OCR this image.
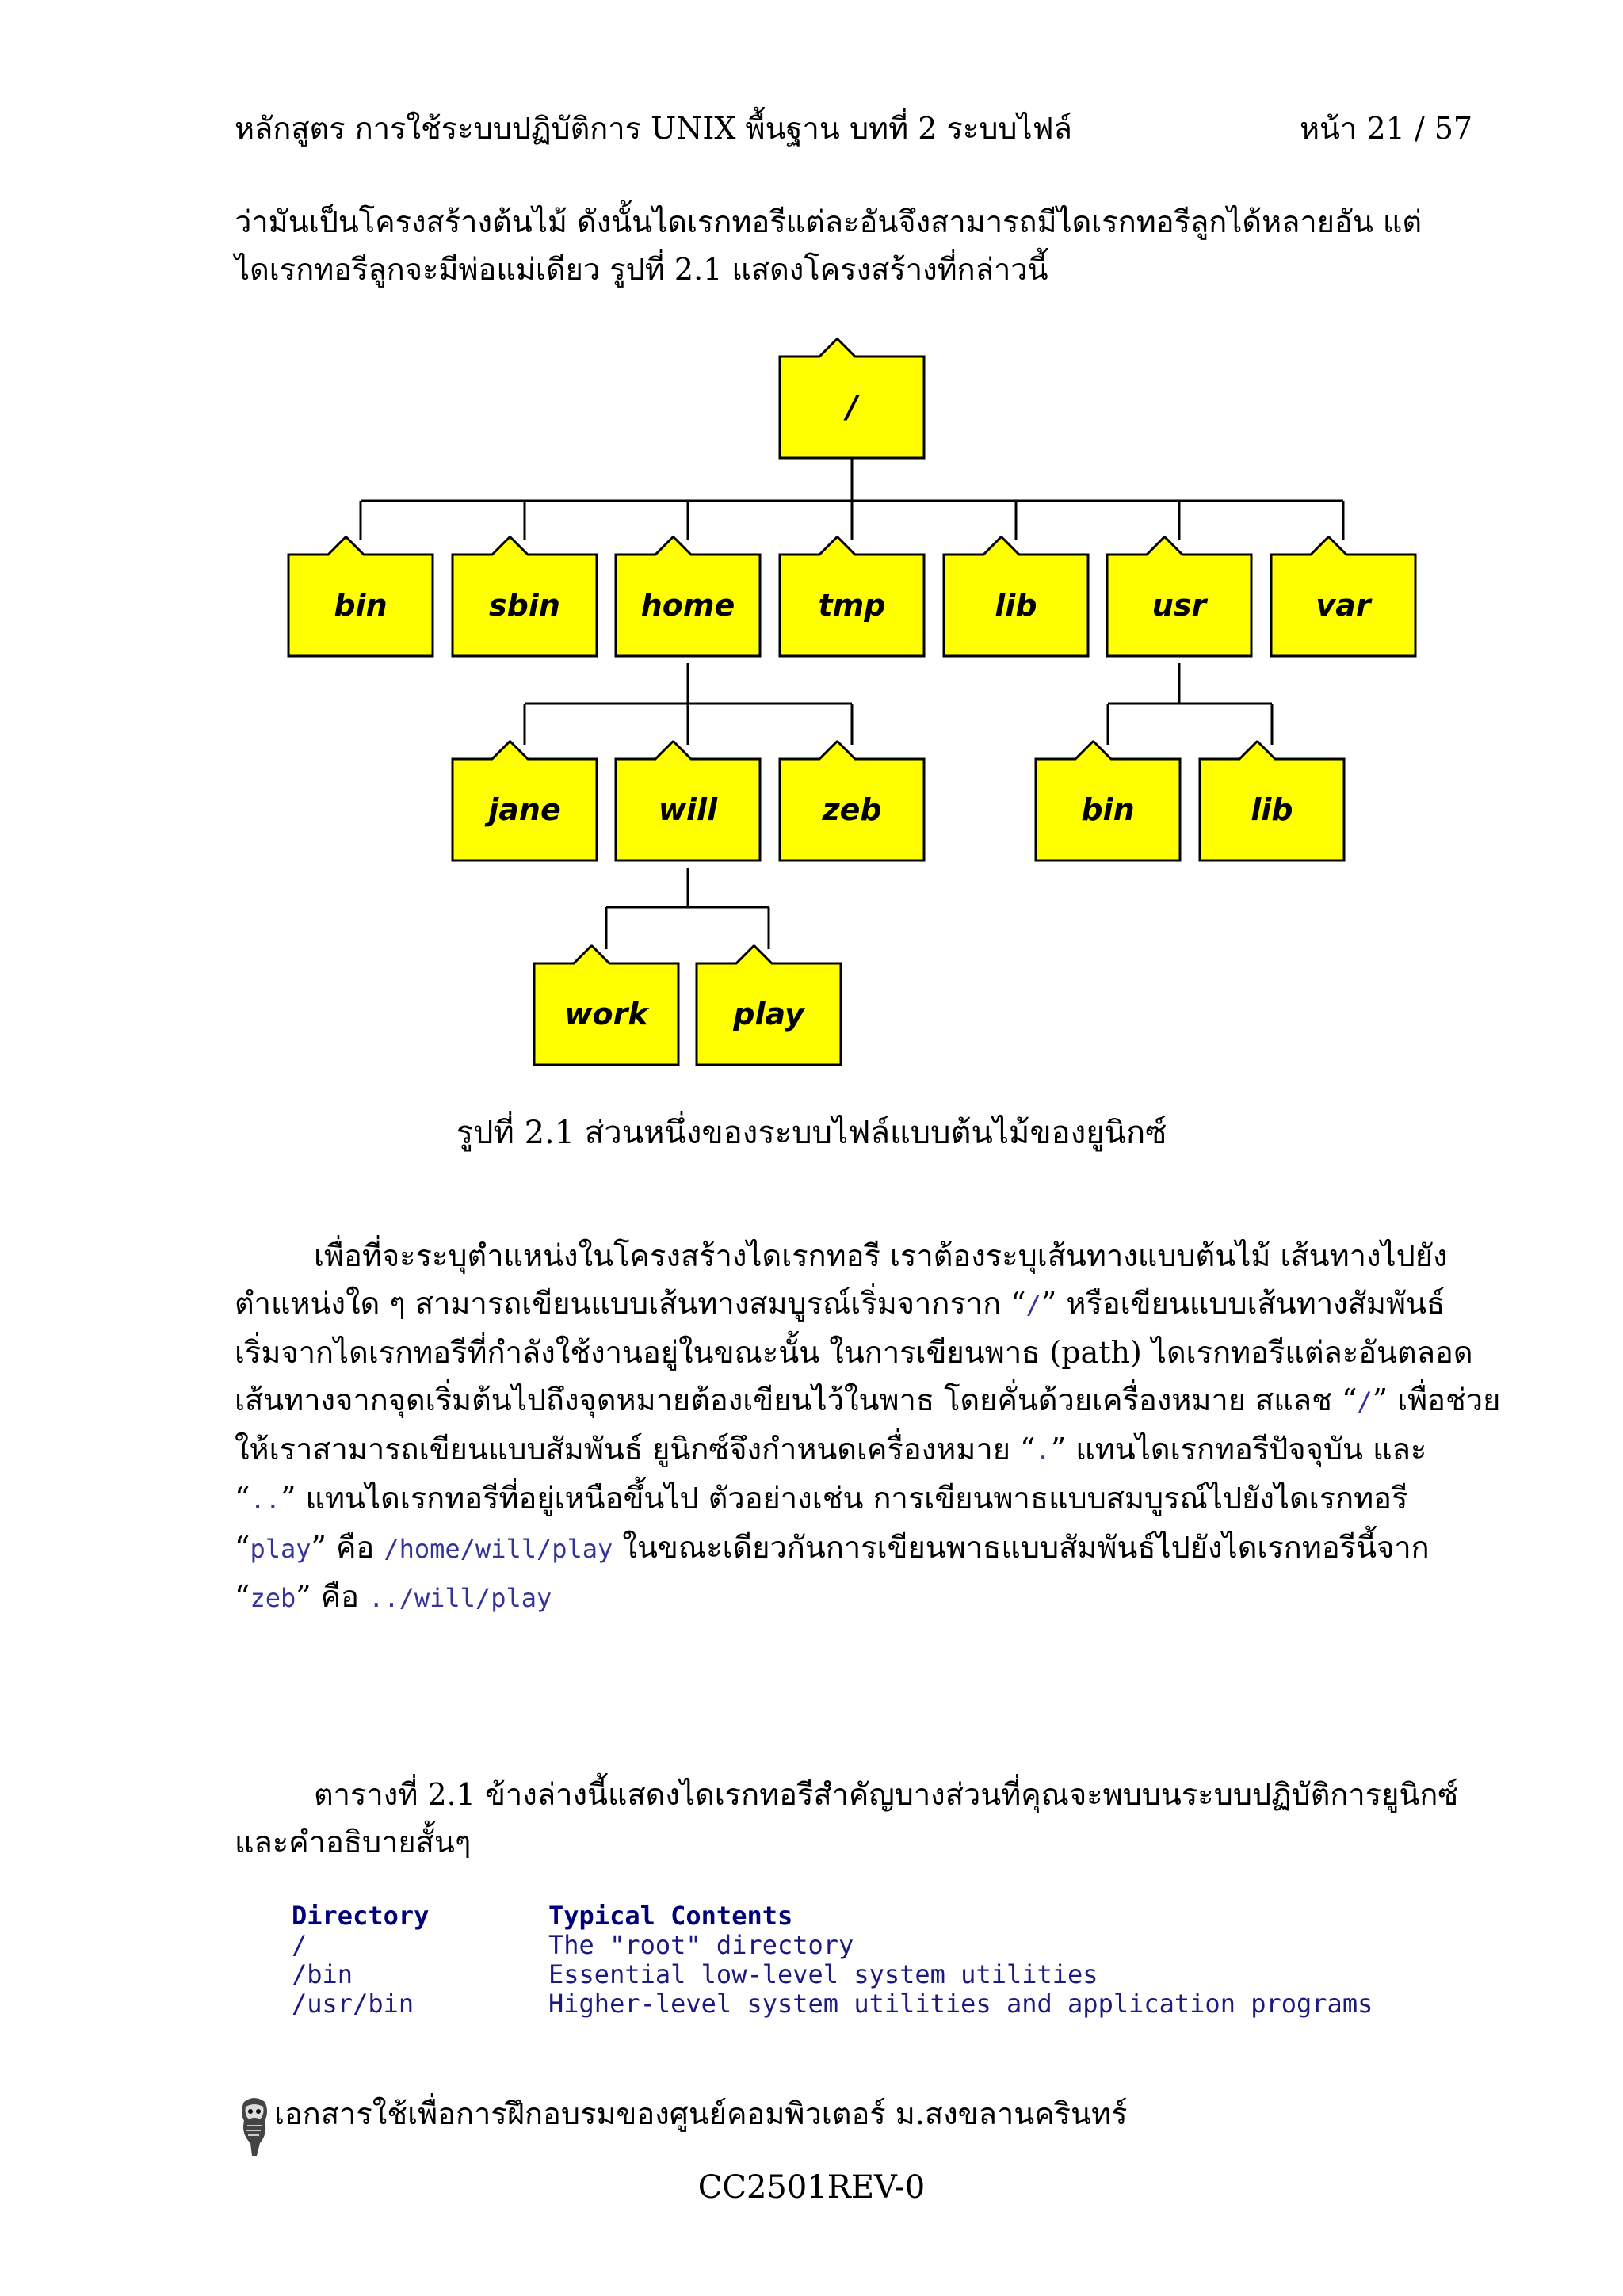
หลักสูตร การใช้ระบบปฏิบัติการ UNIX พื้นฐาน บทที่ 2 ระบบไฟล์	หน้า 21 / 57
ว่ามันเป็นโครงสร้างต้นไม้ ดังนั้นไดเรกทอรีแต่ละอันจึงสามารถมีไดเรกทอรีลูกได้หลายอัน แต่
ไดเรกทอรีลูกจะมีพ่อแม่เดียว รูปที่ 2.1 แสดงโครงสร้างที่กล่าวนี้
/
bin	sbin	home	tmp	lib	usr	var
jane	will	zeb	bin	lib
work	play
รูปที่ 2.1 ส่วนหนึ่งของระบบไฟล์แบบต้นไม้ของยูนิกซ์
เพื่อที่จะระบุตำแหน่งในโครงสร้างไดเรกทอรี เราต้องระบุเส้นทางแบบต้นไม้ เส้นทางไปยัง
ตำแหน่งใด ๆ สามารถเขียนแบบเส้นทางสมบูรณ์เริ่มจากราก “/” หรือเขียนแบบเส้นทางสัมพันธ์
เริ่มจากไดเรกทอรีที่กำลังใช้งานอยู่ในขณะนั้น ในการเขียนพาธ (path) ไดเรกทอรีแต่ละอันตลอด
เส้นทางจากจุดเริ่มต้นไปถึงจุดหมายต้องเขียนไว้ในพาธ โดยคั่นด้วยเครื่องหมาย สแลช “/” เพื่อช่วย
ให้เราสามารถเขียนแบบสัมพันธ์ ยูนิกซ์จึงกำหนดเครื่องหมาย “.” แทนไดเรกทอรีปัจจุบัน และ
“..” แทนไดเรกทอรีที่อยู่เหนือขึ้นไป ตัวอย่างเช่น การเขียนพาธแบบสมบูรณ์ไปยังไดเรกทอรี
“play” คือ /home/will/play ในขณะเดียวกันการเขียนพาธแบบสัมพันธ์ไปยังไดเรกทอรีนี้จาก
“zeb” คือ ../will/play
ตารางที่ 2.1 ข้างล่างนี้แสดงไดเรกทอรีสำคัญบางส่วนที่คุณจะพบบนระบบปฏิบัติการยูนิกซ์
และคำอธิบายสั้นๆ
Directory	Typical Contents
/	The "root" directory
/bin	Essential low-level system utilities
/usr/bin	Higher-level system utilities and application programs
เอกสารใช้เพื่อการฝึกอบรมของศูนย์คอมพิวเตอร์ ม.สงขลานครินทร์
CC2501REV-0
